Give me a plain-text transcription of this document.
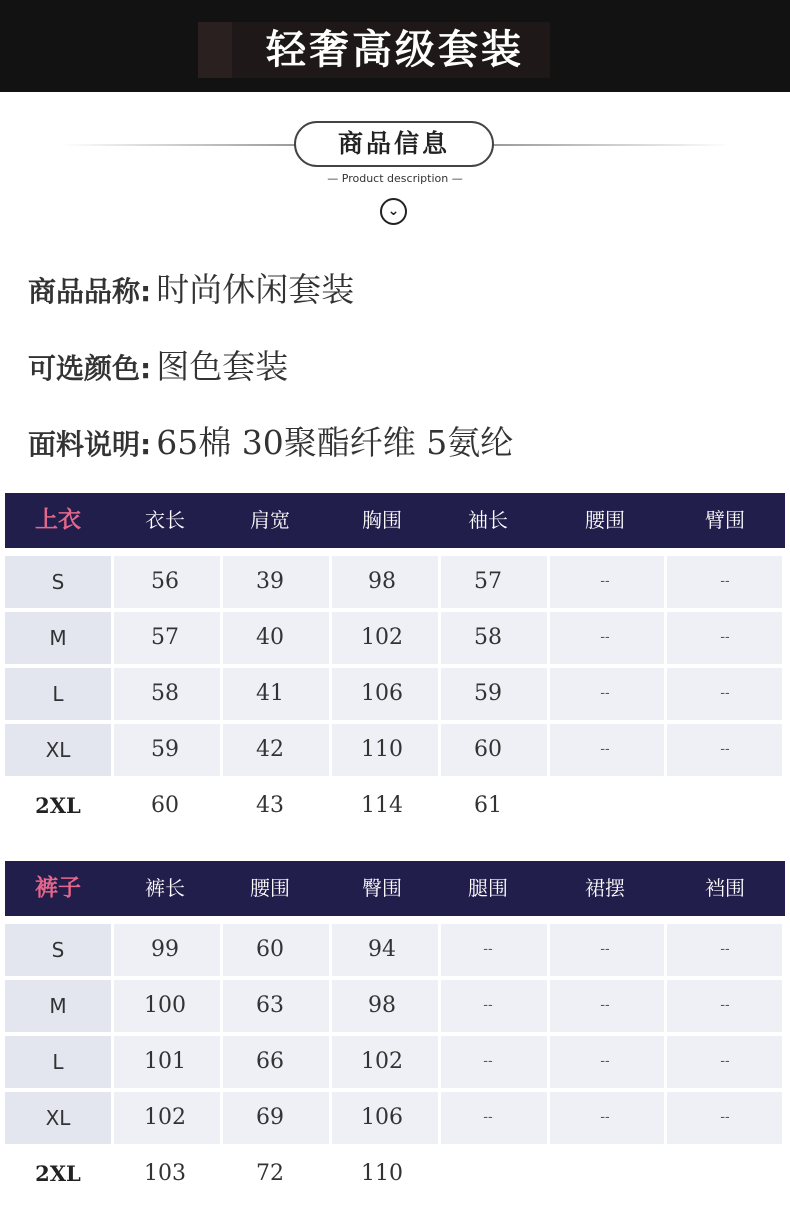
轻奢高级套装
商品信息
— Product description —
⌄
商品品称: 时尚休闲套装
可选颜色: 图色套装
面料说明: 65棉 30聚酯纤维 5氨纶
上衣	衣长	肩宽	胸围	袖长	腰围	臂围
S	56	39	98	57	--	--
M	57	40	102	58	--	--
L	58	41	106	59	--	--
XL	59	42	110	60	--	--
2XL	60	43	114	61
裤子	裤长	腰围	臀围	腿围	裙摆	裆围
S	99	60	94	--	--	--
M	100	63	98	--	--	--
L	101	66	102	--	--	--
XL	102	69	106	--	--	--
2XL	103	72	110
